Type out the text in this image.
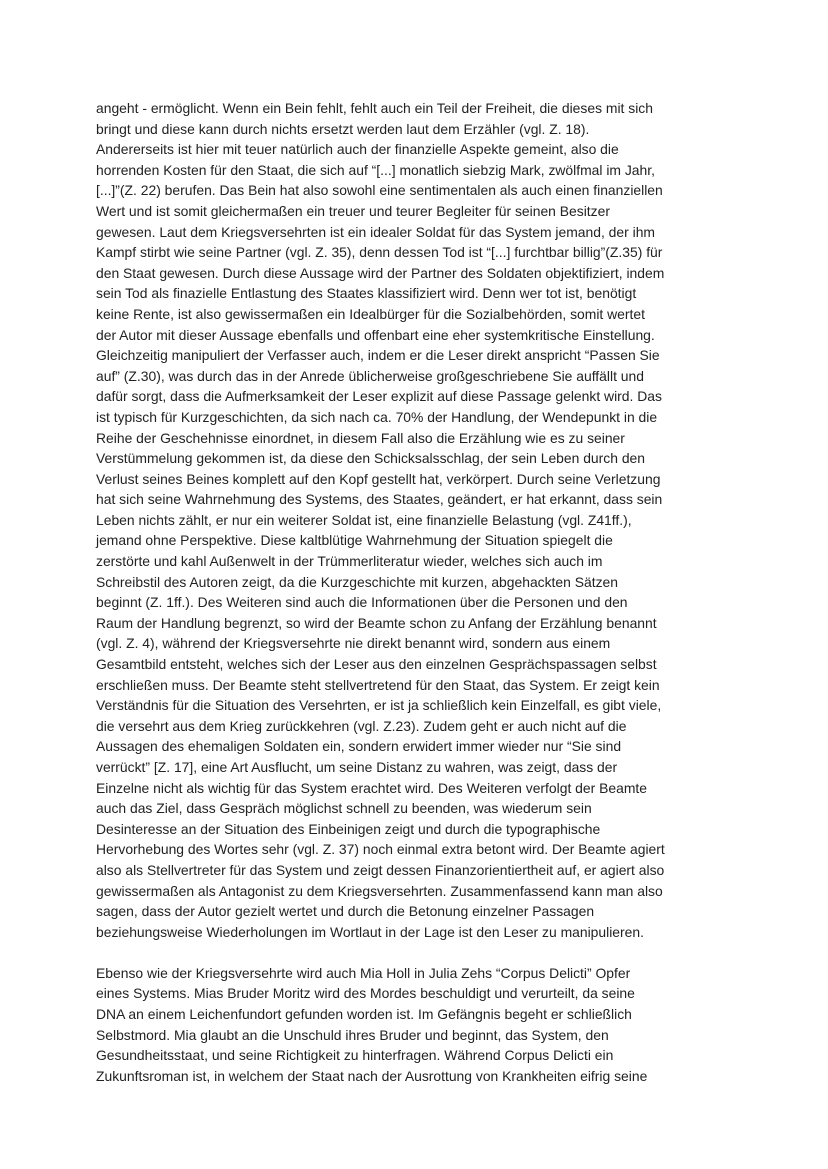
angeht - ermöglicht. Wenn ein Bein fehlt, fehlt auch ein Teil der Freiheit, die dieses mit sich

bringt und diese kann durch nichts ersetzt werden laut dem Erzähler (vgl. Z. 18).

Andererseits ist hier mit teuer natürlich auch der finanzielle Aspekte gemeint, also die

horrenden Kosten für den Staat, die sich auf “[...] monatlich siebzig Mark, zwölfmal im Jahr,

[...]”(Z. 22) berufen. Das Bein hat also sowohl eine sentimentalen als auch einen finanziellen

Wert und ist somit gleichermaßen ein treuer und teurer Begleiter für seinen Besitzer

gewesen. Laut dem Kriegsversehrten ist ein idealer Soldat für das System jemand, der ihm

Kampf stirbt wie seine Partner (vgl. Z. 35), denn dessen Tod ist “[...] furchtbar billig”(Z.35) für

den Staat gewesen. Durch diese Aussage wird der Partner des Soldaten objektifiziert, indem

sein Tod als finazielle Entlastung des Staates klassifiziert wird. Denn wer tot ist, benötigt

keine Rente, ist also gewissermaßen ein Idealbürger für die Sozialbehörden, somit wertet

der Autor mit dieser Aussage ebenfalls und offenbart eine eher systemkritische Einstellung.

Gleichzeitig manipuliert der Verfasser auch, indem er die Leser direkt anspricht “Passen Sie

auf” (Z.30), was durch das in der Anrede üblicherweise großgeschriebene Sie auffällt und

dafür sorgt, dass die Aufmerksamkeit der Leser explizit auf diese Passage gelenkt wird. Das

ist typisch für Kurzgeschichten, da sich nach ca. 70% der Handlung, der Wendepunkt in die

Reihe der Geschehnisse einordnet, in diesem Fall also die Erzählung wie es zu seiner

Verstümmelung gekommen ist, da diese den Schicksalsschlag, der sein Leben durch den

Verlust seines Beines komplett auf den Kopf gestellt hat, verkörpert. Durch seine Verletzung

hat sich seine Wahrnehmung des Systems, des Staates, geändert, er hat erkannt, dass sein

Leben nichts zählt, er nur ein weiterer Soldat ist, eine finanzielle Belastung (vgl. Z41ff.),

jemand ohne Perspektive. Diese kaltblütige Wahrnehmung der Situation spiegelt die

zerstörte und kahl Außenwelt in der Trümmerliteratur wieder, welches sich auch im

Schreibstil des Autoren zeigt, da die Kurzgeschichte mit kurzen, abgehackten Sätzen

beginnt (Z. 1ff.). Des Weiteren sind auch die Informationen über die Personen und den

Raum der Handlung begrenzt, so wird der Beamte schon zu Anfang der Erzählung benannt

(vgl. Z. 4), während der Kriegsversehrte nie direkt benannt wird, sondern aus einem

Gesamtbild entsteht, welches sich der Leser aus den einzelnen Gesprächspassagen selbst

erschließen muss. Der Beamte steht stellvertretend für den Staat, das System. Er zeigt kein

Verständnis für die Situation des Versehrten, er ist ja schließlich kein Einzelfall, es gibt viele,

die versehrt aus dem Krieg zurückkehren (vgl. Z.23). Zudem geht er auch nicht auf die

Aussagen des ehemaligen Soldaten ein, sondern erwidert immer wieder nur “Sie sind

verrückt” [Z. 17], eine Art Ausflucht, um seine Distanz zu wahren, was zeigt, dass der

Einzelne nicht als wichtig für das System erachtet wird. Des Weiteren verfolgt der Beamte

auch das Ziel, dass Gespräch möglichst schnell zu beenden, was wiederum sein

Desinteresse an der Situation des Einbeinigen zeigt und durch die typographische

Hervorhebung des Wortes sehr (vgl. Z. 37) noch einmal extra betont wird. Der Beamte agiert

also als Stellvertreter für das System und zeigt dessen Finanzorientiertheit auf, er agiert also

gewissermaßen als Antagonist zu dem Kriegsversehrten. Zusammenfassend kann man also

sagen, dass der Autor gezielt wertet und durch die Betonung einzelner Passagen

beziehungsweise Wiederholungen im Wortlaut in der Lage ist den Leser zu manipulieren.

Ebenso wie der Kriegsversehrte wird auch Mia Holl in Julia Zehs “Corpus Delicti” Opfer

eines Systems. Mias Bruder Moritz wird des Mordes beschuldigt und verurteilt, da seine

DNA an einem Leichenfundort gefunden worden ist. Im Gefängnis begeht er schließlich

Selbstmord. Mia glaubt an die Unschuld ihres Bruder und beginnt, das System, den

Gesundheitsstaat, und seine Richtigkeit zu hinterfragen. Während Corpus Delicti ein

Zukunftsroman ist, in welchem der Staat nach der Ausrottung von Krankheiten eifrig seine
